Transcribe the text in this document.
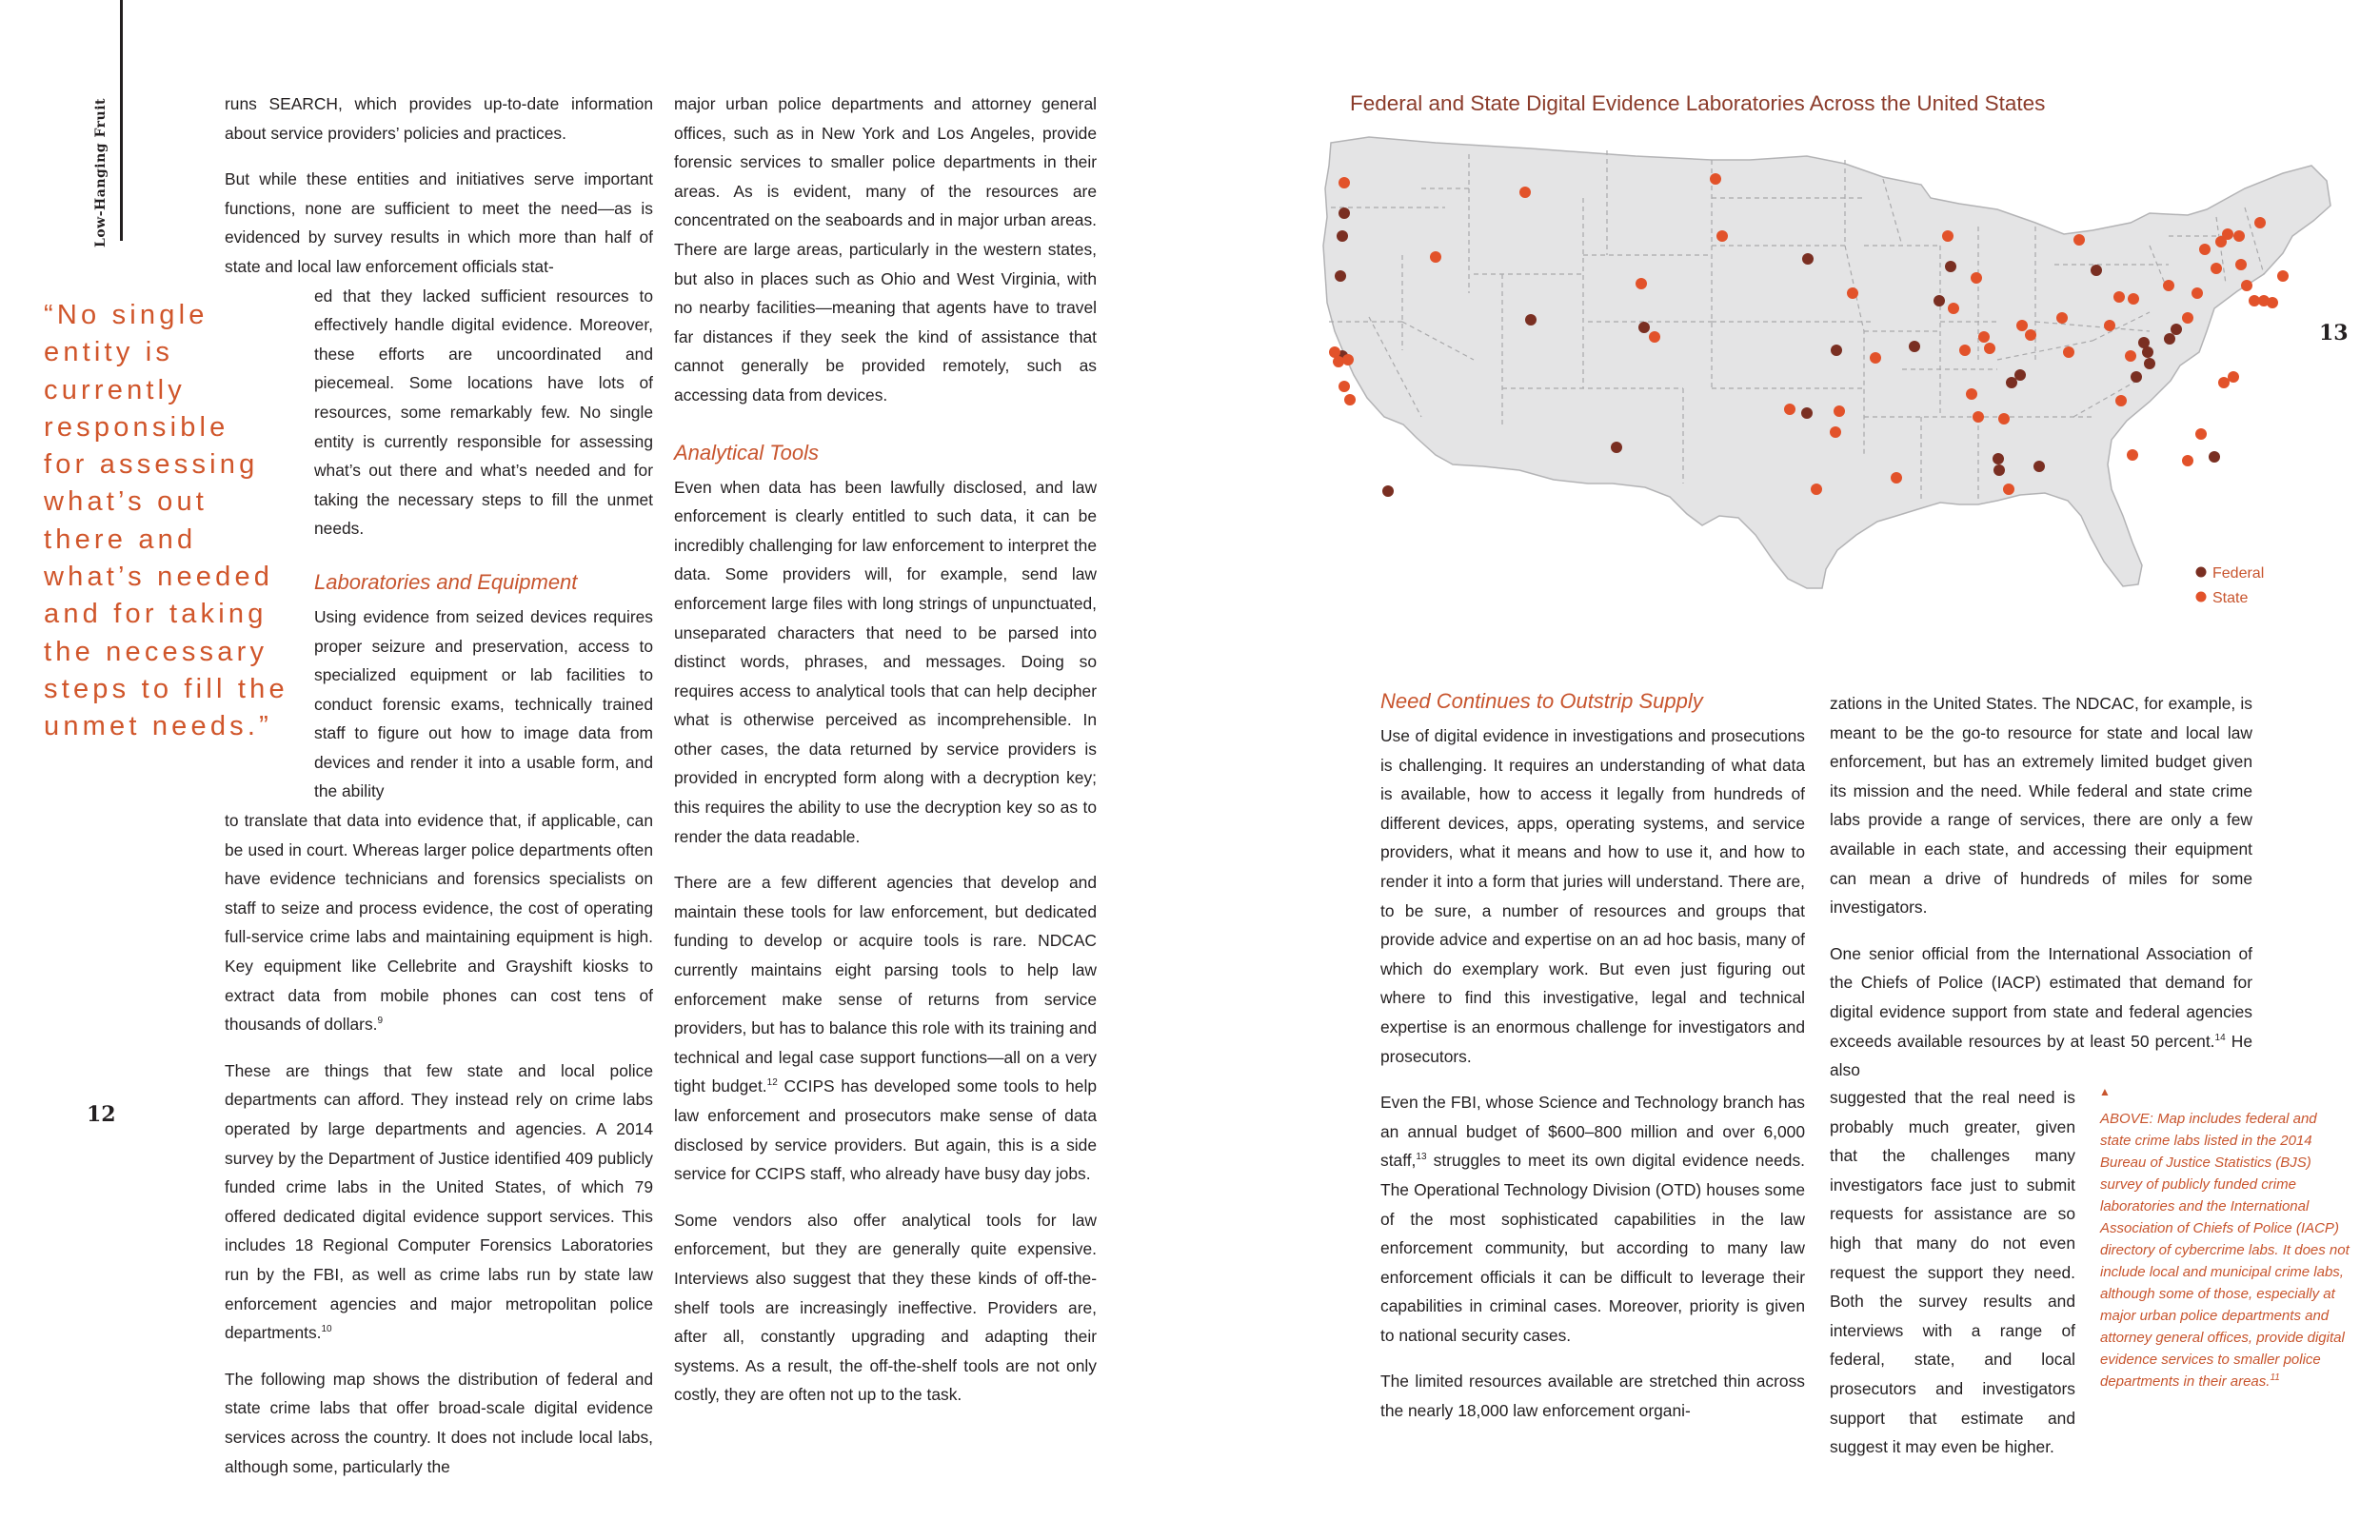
Low-Hanging Fruit
“No single
entity is
currently
responsible
for assessing
what’s out
there and
what’s needed
and for taking
the necessary
steps to fill the
unmet needs.”
12

runs SEARCH, which provides up-to-date information about service providers’ policies and practices.

But while these entities and initiatives serve important functions, none are sufficient to meet the need—as is evidenced by survey results in which more than half of state and local law enforcement officials stat-

ed that they lacked sufficient resources to effectively handle digital evidence. Moreover, these efforts are uncoordinated and piecemeal. Some locations have lots of resources, some remarkably few. No single entity is currently responsible for assessing what’s out there and what’s needed and for taking the necessary steps to fill the unmet needs.

Laboratories and Equipment

Using evidence from seized devices requires proper seizure and preservation, access to specialized equipment or lab facilities to conduct forensic exams, technically trained staff to figure out how to image data from devices and render it into a usable form, and the ability

to translate that data into evidence that, if applicable, can be used in court. Whereas larger police departments often have evidence technicians and forensics specialists on staff to seize and process evidence, the cost of operating full-service crime labs and maintaining equipment is high. Key equipment like Cellebrite and Grayshift kiosks to extract data from mobile phones can cost tens of thousands of dollars.$^9$

These are things that few state and local police departments can afford. They instead rely on crime labs operated by large departments and agencies. A 2014 survey by the Department of Justice identified 409 publicly funded crime labs in the United States, of which 79 offered dedicated digital evidence support services. This includes 18 Regional Computer Forensics Laboratories run by the FBI, as well as crime labs run by state law enforcement agencies and major metropolitan police departments.$^{10}$

The following map shows the distribution of federal and state crime labs that offer broad-scale digital evidence services across the country. It does not include local labs, although some, particularly the

major urban police departments and attorney general offices, such as in New York and Los Angeles, provide forensic services to smaller police departments in their areas. As is evident, many of the resources are concentrated on the seaboards and in major urban areas. There are large areas, particularly in the western states, but also in places such as Ohio and West Virginia, with no nearby facilities—meaning that agents have to travel far distances if they seek the kind of assistance that cannot generally be provided remotely, such as accessing data from devices.

Analytical Tools

Even when data has been lawfully disclosed, and law enforcement is clearly entitled to such data, it can be incredibly challenging for law enforcement to interpret the data. Some providers will, for example, send law enforcement large files with long strings of unpunctuated, unseparated characters that need to be parsed into distinct words, phrases, and messages. Doing so requires access to analytical tools that can help decipher what is otherwise perceived as incomprehensible. In other cases, the data returned by service providers is provided in encrypted form along with a decryption key; this requires the ability to use the decryption key so as to render the data readable.

There are a few different agencies that develop and maintain these tools for law enforcement, but dedicated funding to develop or acquire tools is rare. NDCAC currently maintains eight parsing tools to help law enforcement make sense of returns from service providers, but has to balance this role with its training and technical and legal case support functions—all on a very tight budget.$^{12}$ CCIPS has developed some tools to help law enforcement and prosecutors make sense of data disclosed by service providers. But again, this is a side service for CCIPS staff, who already have busy day jobs.

Some vendors also offer analytical tools for law enforcement, but they are generally quite expensive. Interviews also suggest that they these kinds of off-the-shelf tools are increasingly ineffective. Providers are, after all, constantly upgrading and adapting their systems. As a result, the off-the-shelf tools are not only costly, they are often not up to the task.

Federal and State Digital Evidence Laboratories Across the United States
13
Federal
State
Need Continues to Outstrip Supply

Use of digital evidence in investigations and prosecutions is challenging. It requires an understanding of what data is available, how to access it legally from hundreds of different devices, apps, operating systems, and service providers, what it means and how to use it, and how to render it into a form that juries will understand. There are, to be sure, a number of resources and groups that provide advice and expertise on an ad hoc basis, many of which do exemplary work. But even just figuring out where to find this investigative, legal and technical expertise is an enormous challenge for investigators and prosecutors.

Even the FBI, whose Science and Technology branch has an annual budget of $600–800 million and over 6,000 staff,$^{13}$ struggles to meet its own digital evidence needs. The Operational Technology Division (OTD) houses some of the most sophisticated capabilities in the law enforcement community, but according to many law enforcement officials it can be difficult to leverage their capabilities in criminal cases. Moreover, priority is given to national security cases.

The limited resources available are stretched thin across the nearly 18,000 law enforcement organi-

zations in the United States. The NDCAC, for example, is meant to be the go-to resource for state and local law enforcement, but has an extremely limited budget given its mission and the need. While federal and state crime labs provide a range of services, there are only a few available in each state, and accessing their equipment can mean a drive of hundreds of miles for some investigators.

One senior official from the International Association of the Chiefs of Police (IACP) estimated that demand for digital evidence support from state and federal agencies exceeds available resources by at least 50 percent.$^{14}$ He also

suggested that the real need is probably much greater, given that the challenges many investigators face just to submit requests for assistance are so high that many do not even request the support they need. Both the survey results and interviews with a range of federal, state, and local prosecutors and investigators support that estimate and suggest it may even be higher.

▲
ABOVE: Map includes federal and state crime labs listed in the 2014 Bureau of Justice Statistics (BJS) survey of publicly funded crime laboratories and the International Association of Chiefs of Police (IACP) directory of cybercrime labs. It does not include local and municipal crime labs, although some of those, especially at major urban police departments and attorney general offices, provide digital evidence services to smaller police departments in their areas.$^{11}$
